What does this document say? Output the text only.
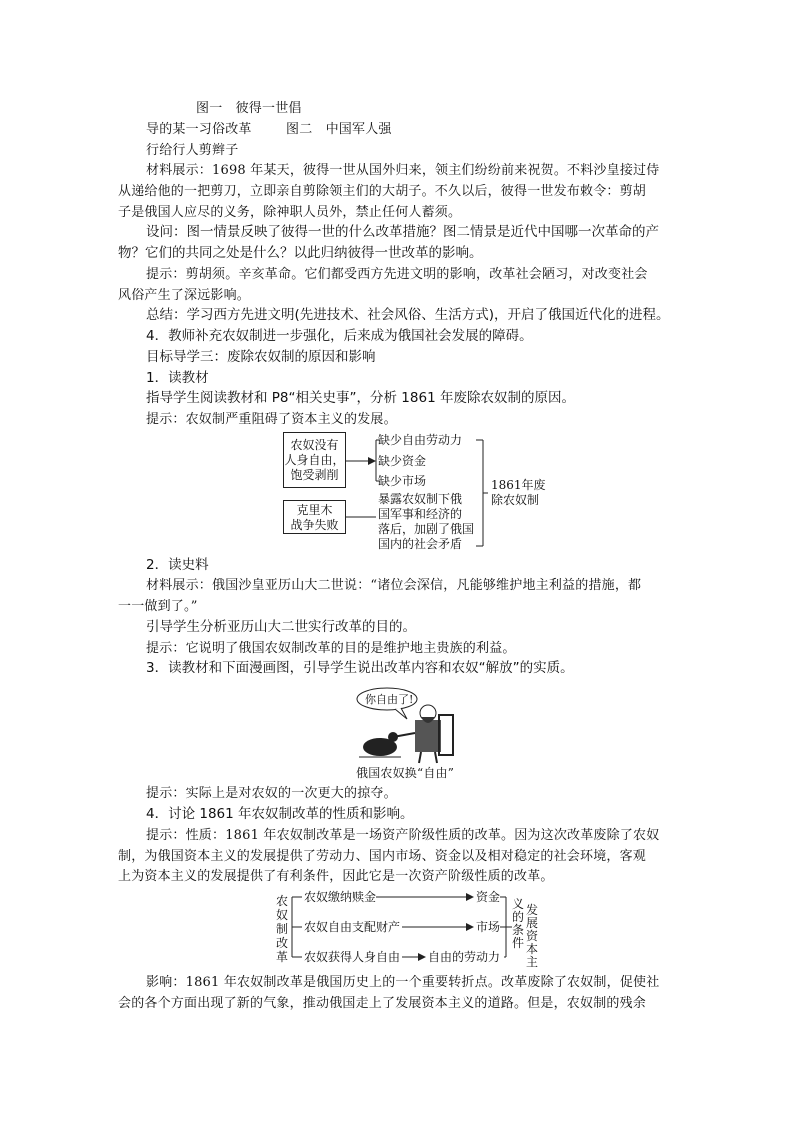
图一　彼得一世倡
导的某一习俗改革	图二　中国军人强
行给行人剪辫子
材料展示：1698 年某天，彼得一世从国外归来，领主们纷纷前来祝贺。不料沙皇接过侍
从递给他的一把剪刀，立即亲自剪除领主们的大胡子。不久以后，彼得一世发布敕令：剪胡
子是俄国人应尽的义务，除神职人员外，禁止任何人蓄须。
设问：图一情景反映了彼得一世的什么改革措施？图二情景是近代中国哪一次革命的产
物？它们的共同之处是什么？以此归纳彼得一世改革的影响。
提示：剪胡须。辛亥革命。它们都受西方先进文明的影响，改革社会陋习，对改变社会
风俗产生了深远影响。
总结：学习西方先进文明(先进技术、社会风俗、生活方式)，开启了俄国近代化的进程。
4．教师补充农奴制进一步强化，后来成为俄国社会发展的障碍。
目标导学三：废除农奴制的原因和影响
1．读教材
指导学生阅读教材和 P8“相关史事”，分析 1861 年废除农奴制的原因。
提示：农奴制严重阻碍了资本主义的发展。
农奴没有
人身自由，
饱受剥削
缺少自由劳动力
缺少资金
缺少市场
克里木
战争失败
暴露农奴制下俄
国军事和经济的
落后，加剧了俄国
国内的社会矛盾
1861年废
除农奴制
2．读史料
材料展示：俄国沙皇亚历山大二世说：“诸位会深信，凡能够维护地主利益的措施，都
一一做到了。”
引导学生分析亚历山大二世实行改革的目的。
提示：它说明了俄国农奴制改革的目的是维护地主贵族的利益。
3．读教材和下面漫画图，引导学生说出改革内容和农奴“解放”的实质。
你自由了!
俄国农奴换“自由”
提示：实际上是对农奴的一次更大的掠夺。
4．讨论 1861 年农奴制改革的性质和影响。
提示：性质：1861 年农奴制改革是一场资产阶级性质的改革。因为这次改革废除了农奴
制，为俄国资本主义的发展提供了劳动力、国内市场、资金以及相对稳定的社会环境，客观
上为资本主义的发展提供了有利条件，因此它是一次资产阶级性质的改革。
农
奴
制
改
革
农奴缴纳赎金	资金
农奴自由支配财产	市场
农奴获得人身自由 自由的劳动力
发
展
资
本
主
义
的
条
件
影响：1861 年农奴制改革是俄国历史上的一个重要转折点。改革废除了农奴制，促使社
会的各个方面出现了新的气象，推动俄国走上了发展资本主义的道路。但是，农奴制的残余
